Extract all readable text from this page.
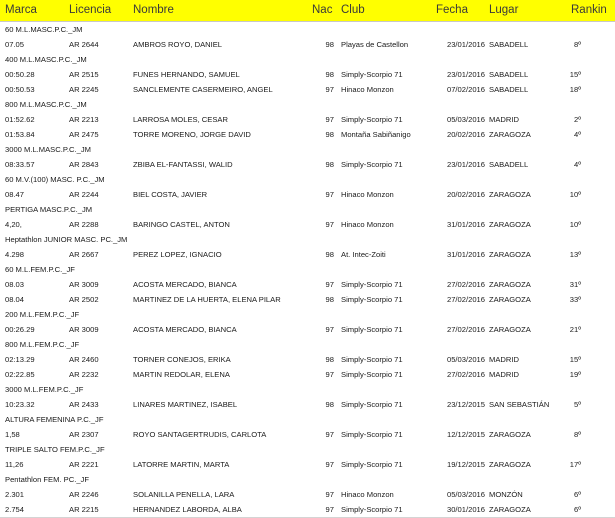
Marca	Licencia Nombre	Nac Club	Fecha Lugar	Rankin
60 M.L.MASC.P.C._JM
07.05	AR 2644	AMBROS ROYO, DANIEL	98 Playas de Castellon	23/01/2016 SABADELL	8º
400 M.L.MASC.P.C._JM
00:50.28	AR 2515	FUNES HERNANDO, SAMUEL	98 Simply-Scorpio 71	23/01/2016 SABADELL	15º
00:50.53	AR 2245	SANCLEMENTE CASERMEIRO, ANGEL	97 Hinaco Monzon	07/02/2016 SABADELL	18º
800 M.L.MASC.P.C._JM
01:52.62	AR 2213	LARROSA MOLES, CESAR	97 Simply-Scorpio 71	05/03/2016 MADRID	2º
01:53.84	AR 2475	TORRE MORENO, JORGE DAVID	98 Montaña Sabiñanigo	20/02/2016 ZARAGOZA	4º
3000 M.L.MASC.P.C._JM
08:33.57	AR 2843	ZBIBA EL-FANTASSI, WALID	98 Simply-Scorpio 71	23/01/2016 SABADELL	4º
60 M.V.(100) MASC. P.C._JM
08.47	AR 2244	BIEL COSTA, JAVIER	97 Hinaco Monzon	20/02/2016 ZARAGOZA	10º
PERTIGA MASC.P.C._JM
4,20,	AR 2288	BARINGO CASTEL, ANTON	97 Hinaco Monzon	31/01/2016 ZARAGOZA	10º
Heptathlon JUNIOR MASC. PC._JM
4.298	AR 2667	PEREZ LOPEZ, IGNACIO	98 At. Intec-Zoiti	31/01/2016 ZARAGOZA	13º
60 M.L.FEM.P.C._JF
08.03	AR 3009	ACOSTA MERCADO, BIANCA	97 Simply-Scorpio 71	27/02/2016 ZARAGOZA	31º
08.04	AR 2502	MARTINEZ DE LA HUERTA, ELENA PILAR	98 Simply-Scorpio 71	27/02/2016 ZARAGOZA	33º
200 M.L.FEM.P.C._JF
00:26.29	AR 3009	ACOSTA MERCADO, BIANCA	97 Simply-Scorpio 71	27/02/2016 ZARAGOZA	21º
800 M.L.FEM.P.C._JF
02:13.29	AR 2460	TORNER CONEJOS, ERIKA	98 Simply-Scorpio 71	05/03/2016 MADRID	15º
02:22.85	AR 2232	MARTIN REDOLAR, ELENA	97 Simply-Scorpio 71	27/02/2016 MADRID	19º
3000 M.L.FEM.P.C._JF
10:23.32	AR 2433	LINARES MARTINEZ, ISABEL	98 Simply-Scorpio 71	23/12/2015 SAN SEBASTIÁN	5º
ALTURA FEMENINA P.C._JF
1,58	AR 2307	ROYO SANTAGERTRUDIS, CARLOTA	97 Simply-Scorpio 71	12/12/2015 ZARAGOZA	8º
TRIPLE SALTO FEM.P.C._JF
11,26	AR 2221	LATORRE MARTIN, MARTA	97 Simply-Scorpio 71	19/12/2015 ZARAGOZA	17º
Pentathlon FEM. PC._JF
2.301	AR 2246	SOLANILLA PENELLA, LARA	97 Hinaco Monzon	05/03/2016 MONZÓN	6º
2.754	AR 2215	HERNANDEZ LABORDA, ALBA	97 Simply-Scorpio 71	30/01/2016 ZARAGOZA	6º
